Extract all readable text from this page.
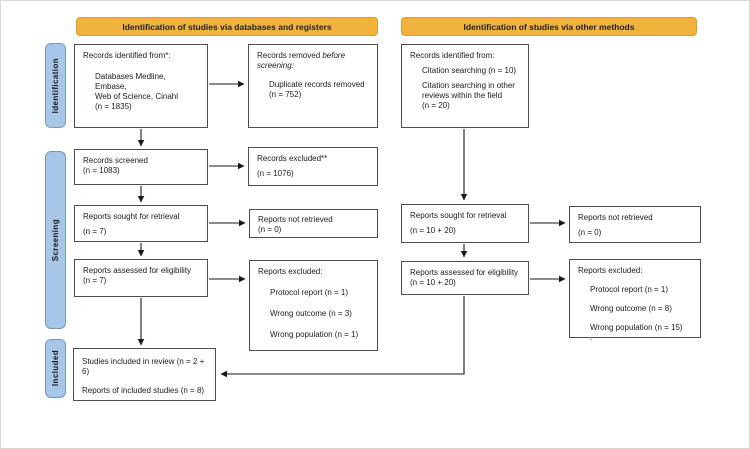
Identification of studies via databases and registers	Identification of studies via other methods
Identification
Screening
Included
Records identified from*:
Databases Medline, Embase,
Web of Science, Cinahl
(n = 1835)
Records removed before screening:
Duplicate records removed
(n = 752)
Records identified from:
Citation searching (n = 10)
Citation searching in other reviews within the field
(n = 20)
Records screened
(n = 1083)
Records excluded**
(n = 1076)
Reports sought for retrieval
(n = 7)
Reports not retrieved
(n = 0)
Reports sought for retrieval
(n = 10 + 20)
Reports not retrieved
(n = 0)
Reports assessed for eligibility
(n = 7)
Reports excluded:
Protocol report (n = 1)
Wrong outcome (n = 3)
Wrong population (n = 1)
Reports assessed for eligibility
(n = 10 + 20)
Reports excluded:
Protocol report (n = 1)
Wrong outcome (n = 8)
Wrong population (n = 15)
.
Studies included in review (n = 2 + 6)
Reports of included studies (n = 8)
